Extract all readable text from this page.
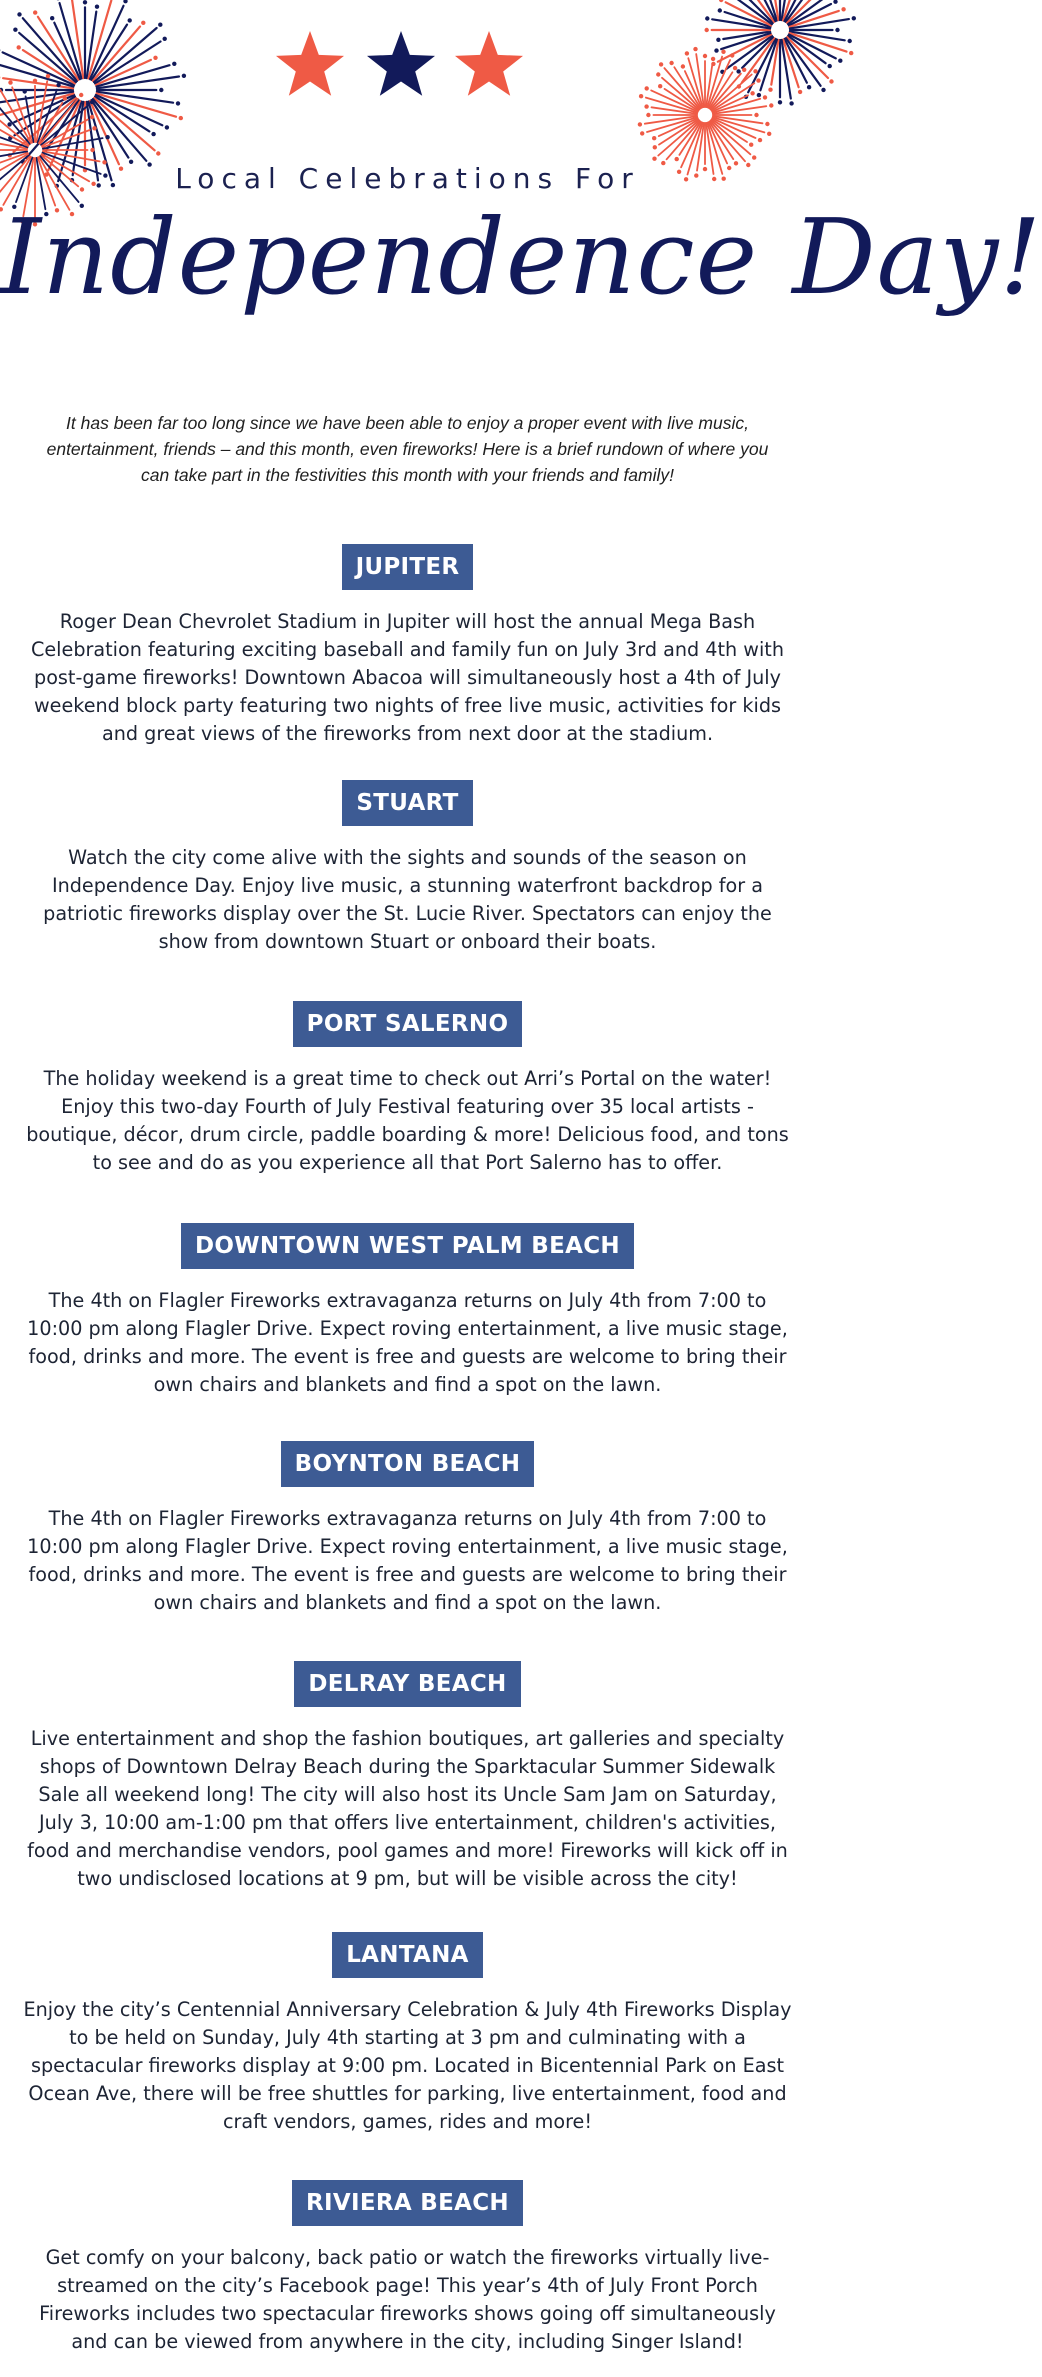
Local Celebrations For
Independence Day!
It has been far too long since we have been able to enjoy a proper event with live music, entertainment, friends – and this month, even fireworks! Here is a brief rundown of where you can take part in the festivities this month with your friends and family!
JUPITER
Roger Dean Chevrolet Stadium in Jupiter will host the annual Mega Bash Celebration featuring exciting baseball and family fun on July 3rd and 4th with post-game fireworks! Downtown Abacoa will simultaneously host a 4th of July weekend block party featuring two nights of free live music, activities for kids and great views of the fireworks from next door at the stadium.
STUART
Watch the city come alive with the sights and sounds of the season on Independence Day. Enjoy live music, a stunning waterfront backdrop for a patriotic fireworks display over the St. Lucie River. Spectators can enjoy the show from downtown Stuart or onboard their boats.
PORT SALERNO
The holiday weekend is a great time to check out Arri’s Portal on the water! Enjoy this two-day Fourth of July Festival featuring over 35 local artists - boutique, décor, drum circle, paddle boarding & more! Delicious food, and tons to see and do as you experience all that Port Salerno has to offer.
DOWNTOWN WEST PALM BEACH
The 4th on Flagler Fireworks extravaganza returns on July 4th from 7:00 to 10:00 pm along Flagler Drive. Expect roving entertainment, a live music stage, food, drinks and more. The event is free and guests are welcome to bring their own chairs and blankets and find a spot on the lawn.
BOYNTON BEACH
The 4th on Flagler Fireworks extravaganza returns on July 4th from 7:00 to 10:00 pm along Flagler Drive. Expect roving entertainment, a live music stage, food, drinks and more. The event is free and guests are welcome to bring their own chairs and blankets and find a spot on the lawn.
DELRAY BEACH
Live entertainment and shop the fashion boutiques, art galleries and specialty shops of Downtown Delray Beach during the Sparktacular Summer Sidewalk Sale all weekend long! The city will also host its Uncle Sam Jam on Saturday, July 3, 10:00 am-1:00 pm that offers live entertainment, children's activities, food and merchandise vendors, pool games and more! Fireworks will kick off in two undisclosed locations at 9 pm, but will be visible across the city!
LANTANA
Enjoy the city’s Centennial Anniversary Celebration & July 4th Fireworks Display to be held on Sunday, July 4th starting at 3 pm and culminating with a spectacular fireworks display at 9:00 pm. Located in Bicentennial Park on East Ocean Ave, there will be free shuttles for parking, live entertainment, food and craft vendors, games, rides and more!
RIVIERA BEACH
Get comfy on your balcony, back patio or watch the fireworks virtually live-streamed on the city’s Facebook page! This year’s 4th of July Front Porch Fireworks includes two spectacular fireworks shows going off simultaneously and can be viewed from anywhere in the city, including Singer Island!
